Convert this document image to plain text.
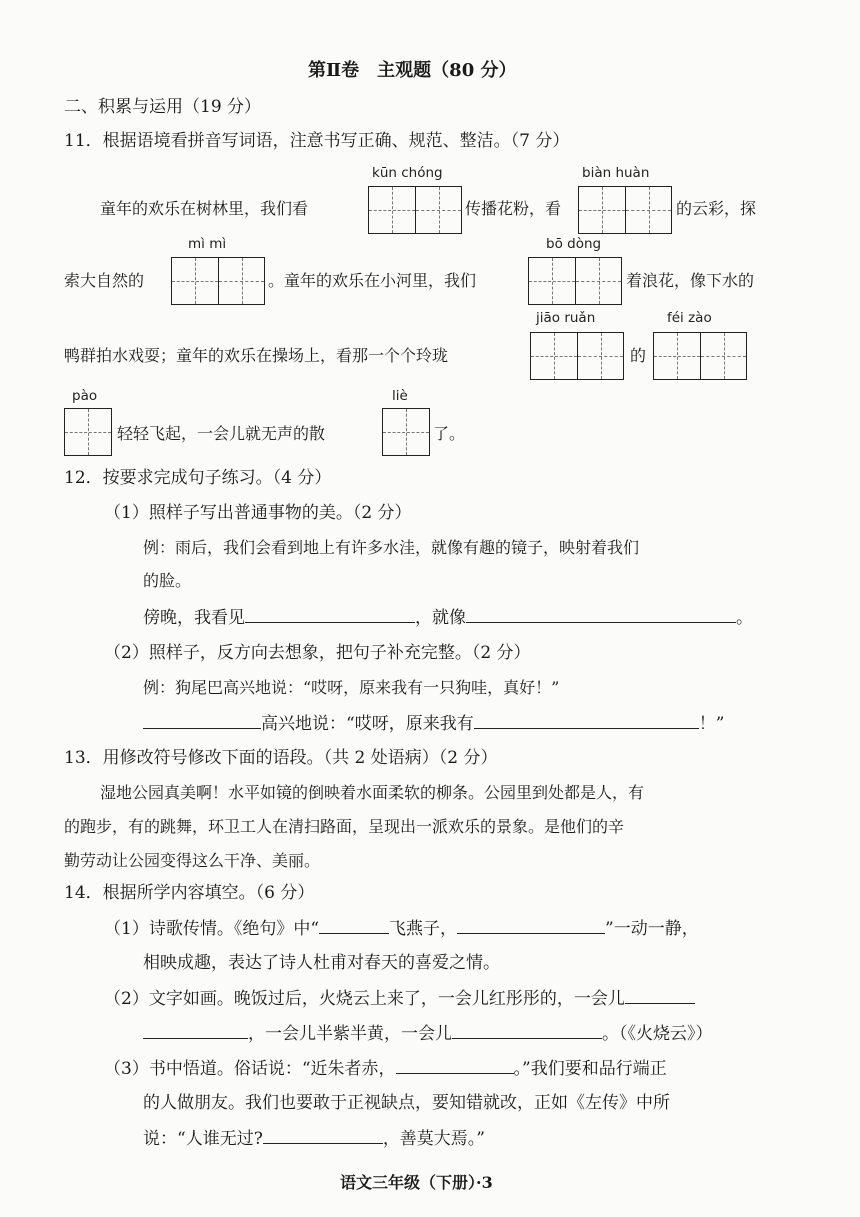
第Ⅱ卷　主观题（80 分）
二、积累与运用（19 分）
11．根据语境看拼音写词语，注意书写正确、规范、整洁。（7 分）
kūn chóng	biàn huàn
童年的欢乐在树林里，我们看	传播花粉，看	的云彩，探
mì mì	bō dòng
索大自然的	。童年的欢乐在小河里，我们	着浪花，像下水的
jiāo ruǎn	féi zào
鸭群拍水戏耍；童年的欢乐在操场上，看那一个个玲珑	的
pào	liè
轻轻飞起，一会儿就无声的散	了。
12．按要求完成句子练习。（4 分）
（1）照样子写出普通事物的美。（2 分）
例：雨后，我们会看到地上有许多水洼，就像有趣的镜子，映射着我们
的脸。
傍晚，我看见	，就像	。
（2）照样子，反方向去想象，把句子补充完整。（2 分）
例：狗尾巴高兴地说：“哎呀，原来我有一只狗哇，真好！”
高兴地说：“哎呀，原来我有	！”
13．用修改符号修改下面的语段。（共 2 处语病）（2 分）
湿地公园真美啊！水平如镜的倒映着水面柔软的柳条。公园里到处都是人，有
的跑步，有的跳舞，环卫工人在清扫路面，呈现出一派欢乐的景象。是他们的辛
勤劳动让公园变得这么干净、美丽。
14．根据所学内容填空。（6 分）
（1）诗歌传情。《绝句》中“	飞燕子，	”一动一静，
相映成趣，表达了诗人杜甫对春天的喜爱之情。
（2）文字如画。晚饭过后，火烧云上来了，一会儿红彤彤的，一会儿
，一会儿半紫半黄，一会儿	。（《火烧云》）
（3）书中悟道。俗话说：“近朱者赤，	。”我们要和品行端正
的人做朋友。我们也要敢于正视缺点，要知错就改，正如《左传》中所
说：“人谁无过?	，善莫大焉。”
语文三年级（下册）·3
